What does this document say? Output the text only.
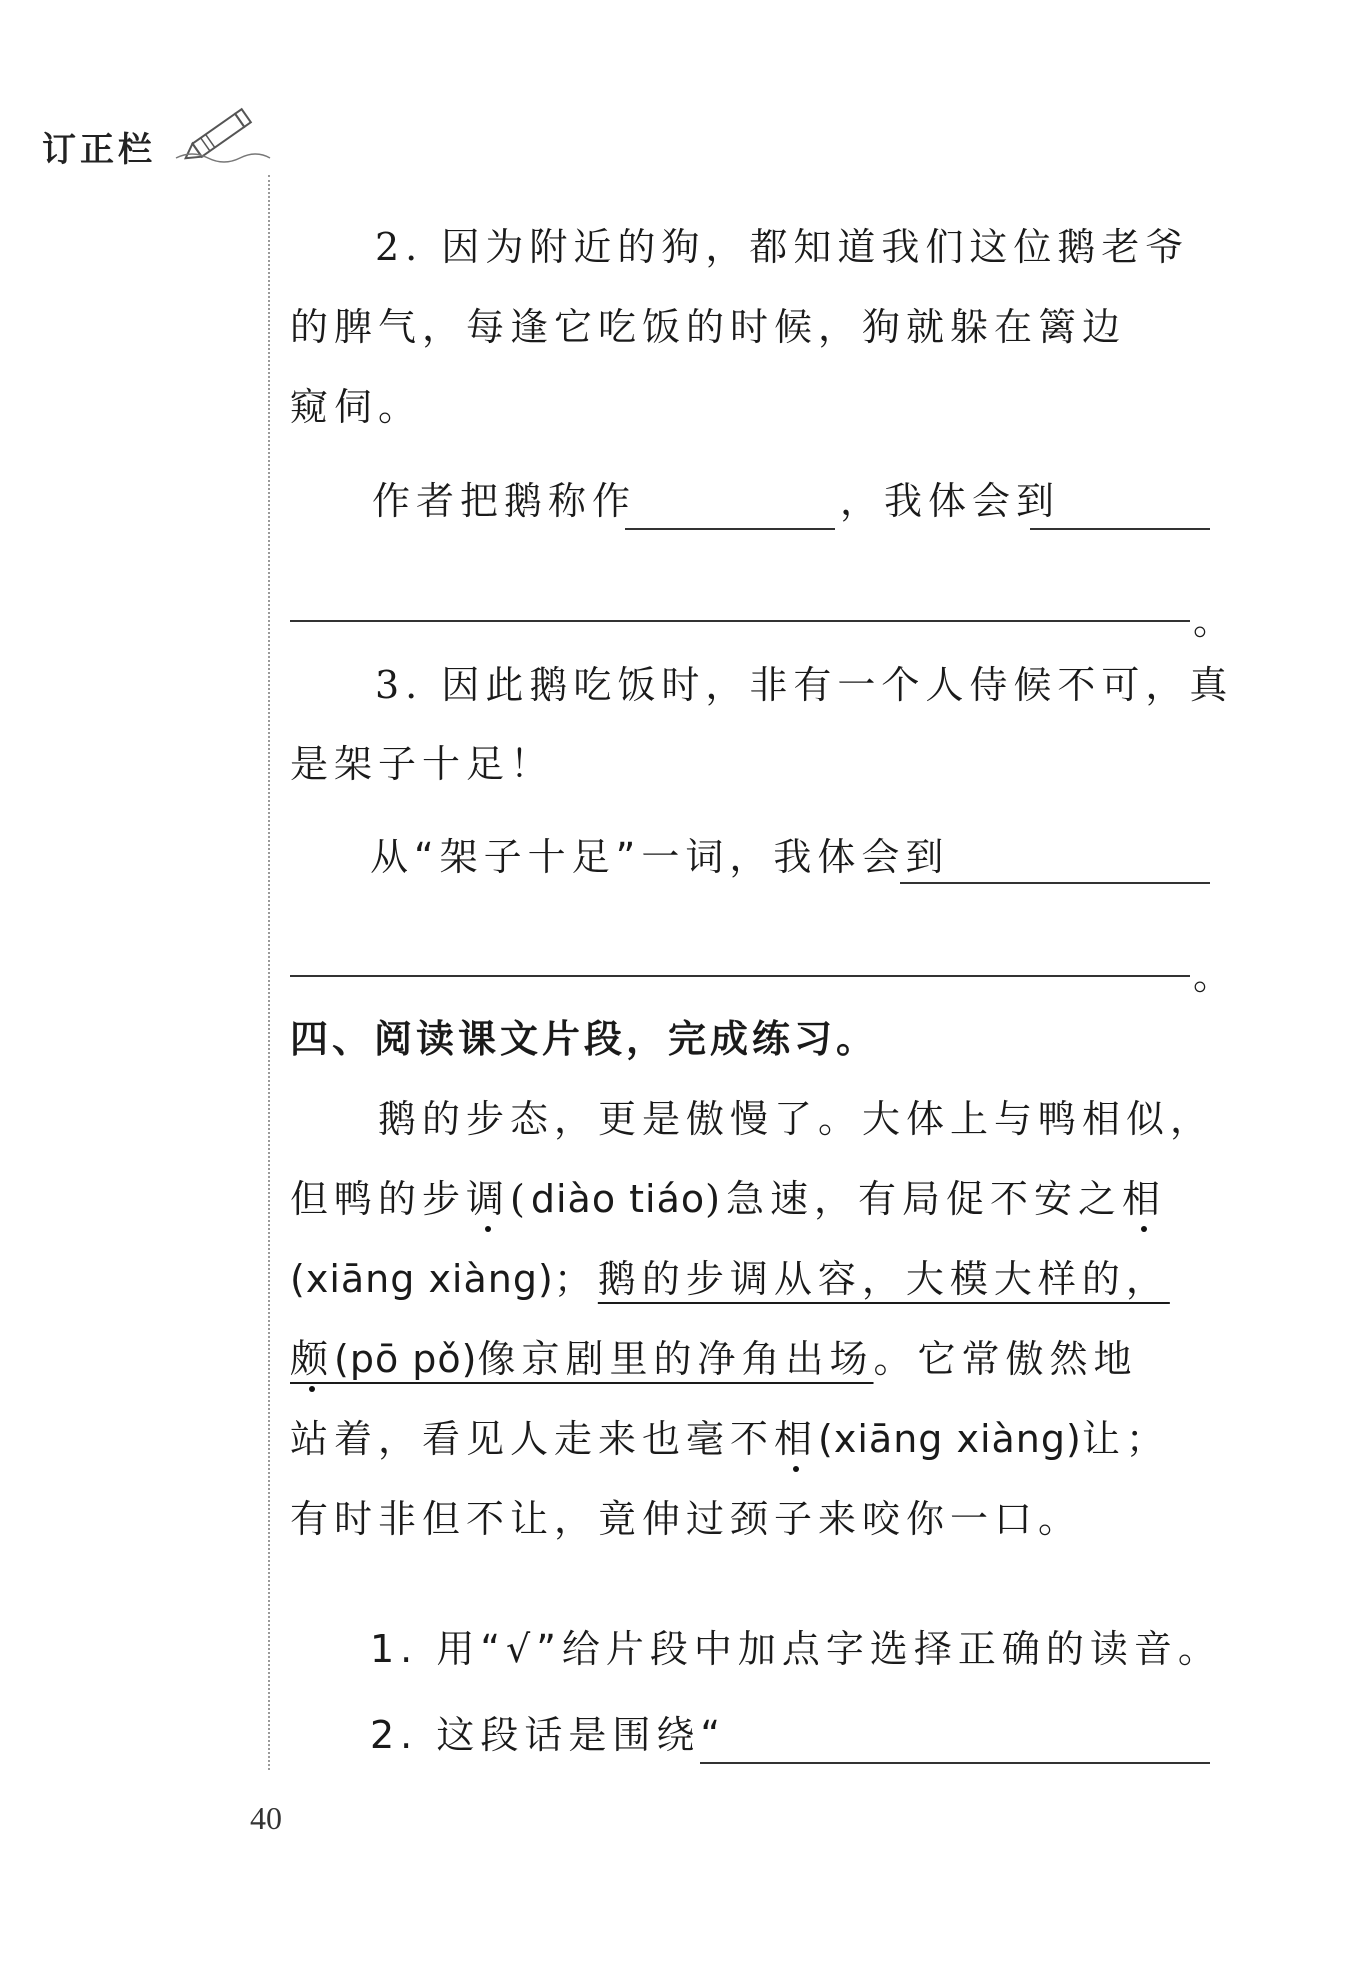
订正栏
2. 因为附近的狗，都知道我们这位鹅老爷
的脾气，每逢它吃饭的时候，狗就躲在篱边
窥伺。
作者把鹅称作	，我体会到
。
3. 因此鹅吃饭时，非有一个人侍候不可，真
是架子十足！
从“架子十足”一词，我体会到
。
四、阅读课文片段，完成练习。
鹅的步态，更是傲慢了。大体上与鸭相似，
但鸭的步调(diào tiáo)急速，有局促不安之相
(xiāng xiàng)；鹅的步调从容，大模大样的，
颇(pō pǒ)像京剧里的净角出场。它常傲然地
站着，看见人走来也毫不相(xiāng xiàng)让；
有时非但不让，竟伸过颈子来咬你一口。
1. 用“√”给片段中加点字选择正确的读音。
2. 这段话是围绕“
40
